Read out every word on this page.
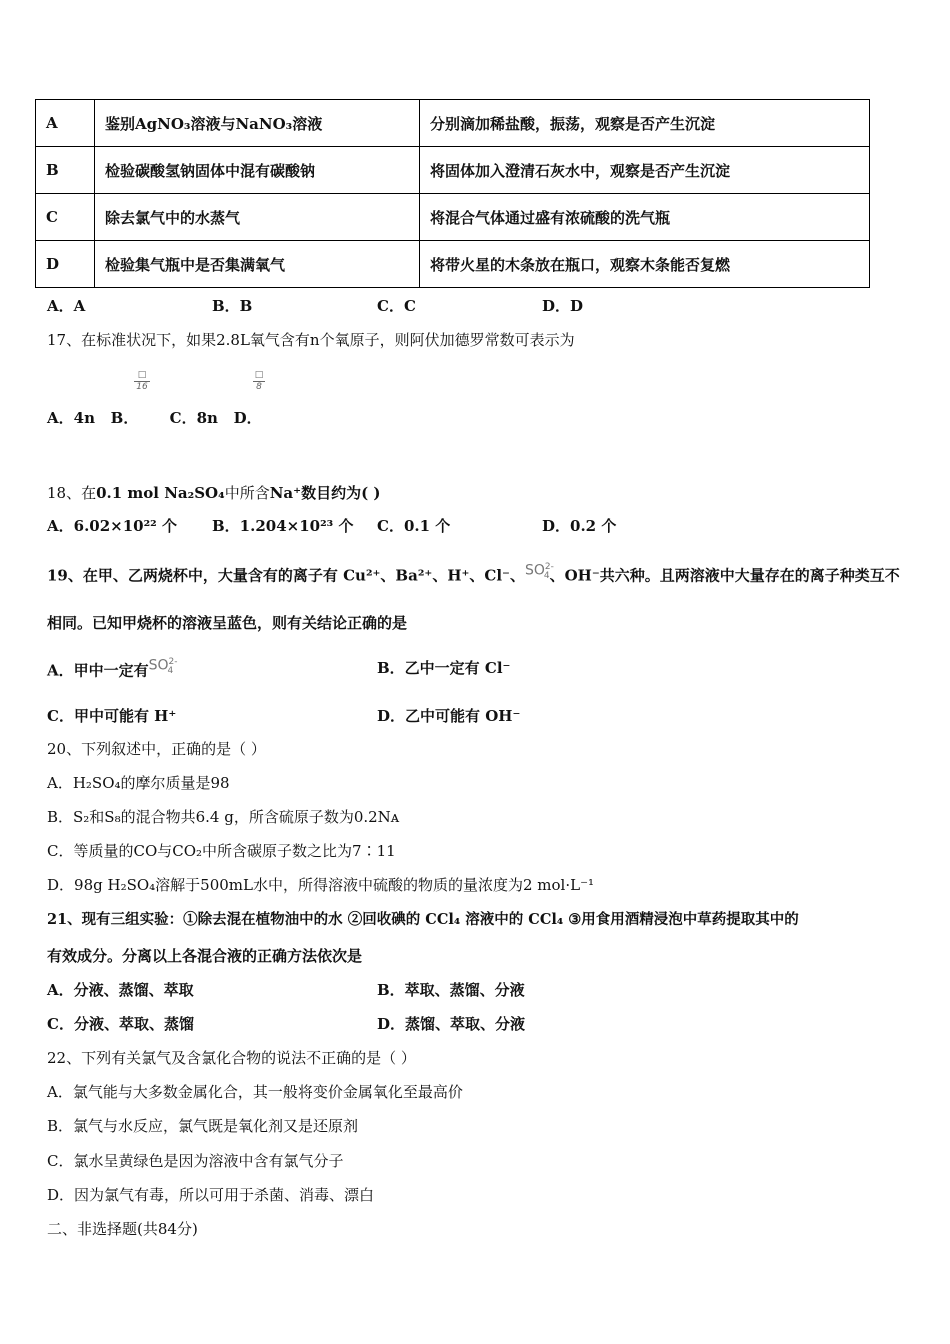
A	鉴别AgNO₃溶液与NaNO₃溶液	分别滴加稀盐酸，振荡，观察是否产生沉淀
B	检验碳酸氢钠固体中混有碳酸钠	将固体加入澄清石灰水中，观察是否产生沉淀
C	除去氯气中的水蒸气	将混合气体通过盛有浓硫酸的洗气瓶
D	检验集气瓶中是否集满氧气	将带火星的木条放在瓶口，观察木条能否复燃
A．A	B．B	C．C	D．D
17、在标准状况下，如果2.8L氧气含有n个氧原子，则阿伏加德罗常数可表示为
□
16
□
8
A．4n   B．      C．8n   D．
18、在0.1 mol Na₂SO₄中所含Na⁺数目约为( )
A．6.02×10²² 个 B．1.204×10²³ 个 C．0.1 个	D．0.2 个
19、在甲、乙两烧杯中，大量含有的离子有 Cu²⁺、Ba²⁺、H⁺、Cl⁻、$SO^{2-}_4$、OH⁻共六种。且两溶液中大量存在的离子种类互不
相同。已知甲烧杯的溶液呈蓝色，则有关结论正确的是
A．甲中一定有$SO^{2-}_4$	B．乙中一定有 Cl⁻
C．甲中可能有 H⁺	D．乙中可能有 OH⁻
20、下列叙述中，正确的是（ ）
A．H₂SO₄的摩尔质量是98
B．S₂和S₈的混合物共6.4 g，所含硫原子数为0.2Nᴀ
C．等质量的CO与CO₂中所含碳原子数之比为7∶11
D．98g H₂SO₄溶解于500mL水中，所得溶液中硫酸的物质的量浓度为2 mol·L⁻¹
21、现有三组实验：①除去混在植物油中的水 ②回收碘的 CCl₄ 溶液中的 CCl₄ ③用食用酒精浸泡中草药提取其中的
有效成分。分离以上各混合液的正确方法依次是
A．分液、蒸馏、萃取	B．萃取、蒸馏、分液
C．分液、萃取、蒸馏	D．蒸馏、萃取、分液
22、下列有关氯气及含氯化合物的说法不正确的是（ ）
A．氯气能与大多数金属化合，其一般将变价金属氧化至最高价
B．氯气与水反应，氯气既是氧化剂又是还原剂
C．氯水呈黄绿色是因为溶液中含有氯气分子
D．因为氯气有毒，所以可用于杀菌、消毒、漂白
二、非选择题(共84分)
